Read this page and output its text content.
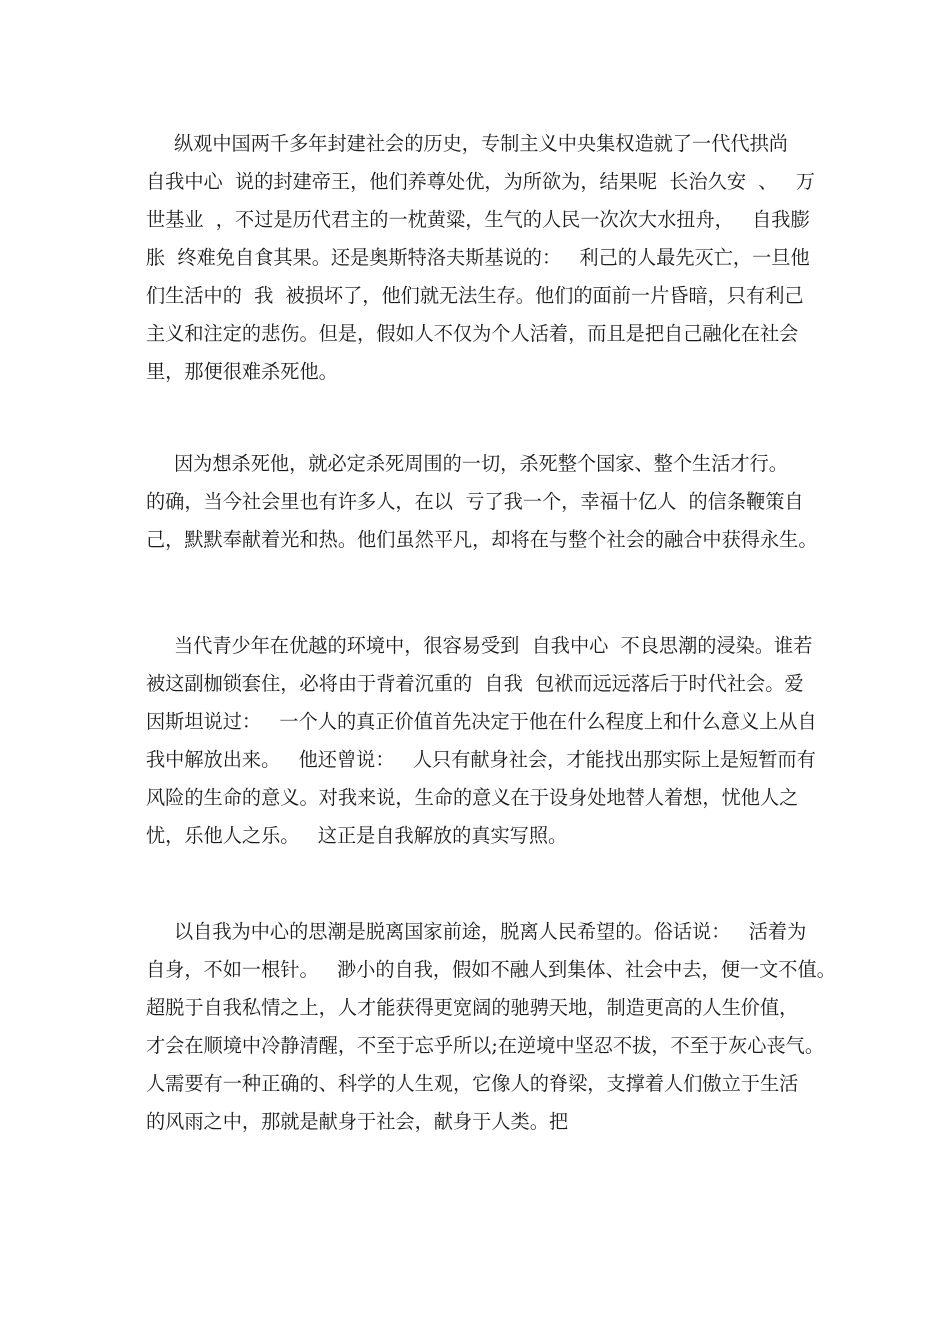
纵观中国两千多年封建社会的历史，专制主义中央集权造就了一代代拱尚
自我中心  说的封建帝王，他们养尊处优，为所欲为，结果呢  长治久安  、   万
世基业  ，不过是历代君主的一枕黄粱，生气的人民一次次大水扭舟，   自我膨
胀  终难免自食其果。还是奥斯特洛夫斯基说的：   利己的人最先灭亡，一旦他
们生活中的  我  被损坏了，他们就无法生存。他们的面前一片昏暗，只有利己
主义和注定的悲伤。但是，假如人不仅为个人活着，而且是把自己融化在社会
里，那便很难杀死他。
因为想杀死他，就必定杀死周围的一切，杀死整个国家、整个生活才行。
的确，当今社会里也有许多人，在以  亏了我一个，幸福十亿人  的信条鞭策自
己，默默奉献着光和热。他们虽然平凡，却将在与整个社会的融合中获得永生。
当代青少年在优越的环境中，很容易受到  自我中心  不良思潮的浸染。谁若
被这副枷锁套住，必将由于背着沉重的  自我  包袱而远远落后于时代社会。爱
因斯坦说过：   一个人的真正价值首先决定于他在什么程度上和什么意义上从自
我中解放出来。   他还曾说：   人只有献身社会，才能找出那实际上是短暂而有
风险的生命的意义。对我来说，生命的意义在于设身处地替人着想，忧他人之
忧，乐他人之乐。   这正是自我解放的真实写照。
以自我为中心的思潮是脱离国家前途，脱离人民希望的。俗话说：   活着为
自身，不如一根针。   渺小的自我，假如不融人到集体、社会中去，便一文不值。
超脱于自我私情之上，人才能获得更宽阔的驰骋天地，制造更高的人生价值，
才会在顺境中冷静清醒，不至于忘乎所以;在逆境中坚忍不拔，不至于灰心丧气。
人需要有一种正确的、科学的人生观，它像人的脊梁，支撑着人们傲立于生活
的风雨之中，那就是献身于社会，献身于人类。把
